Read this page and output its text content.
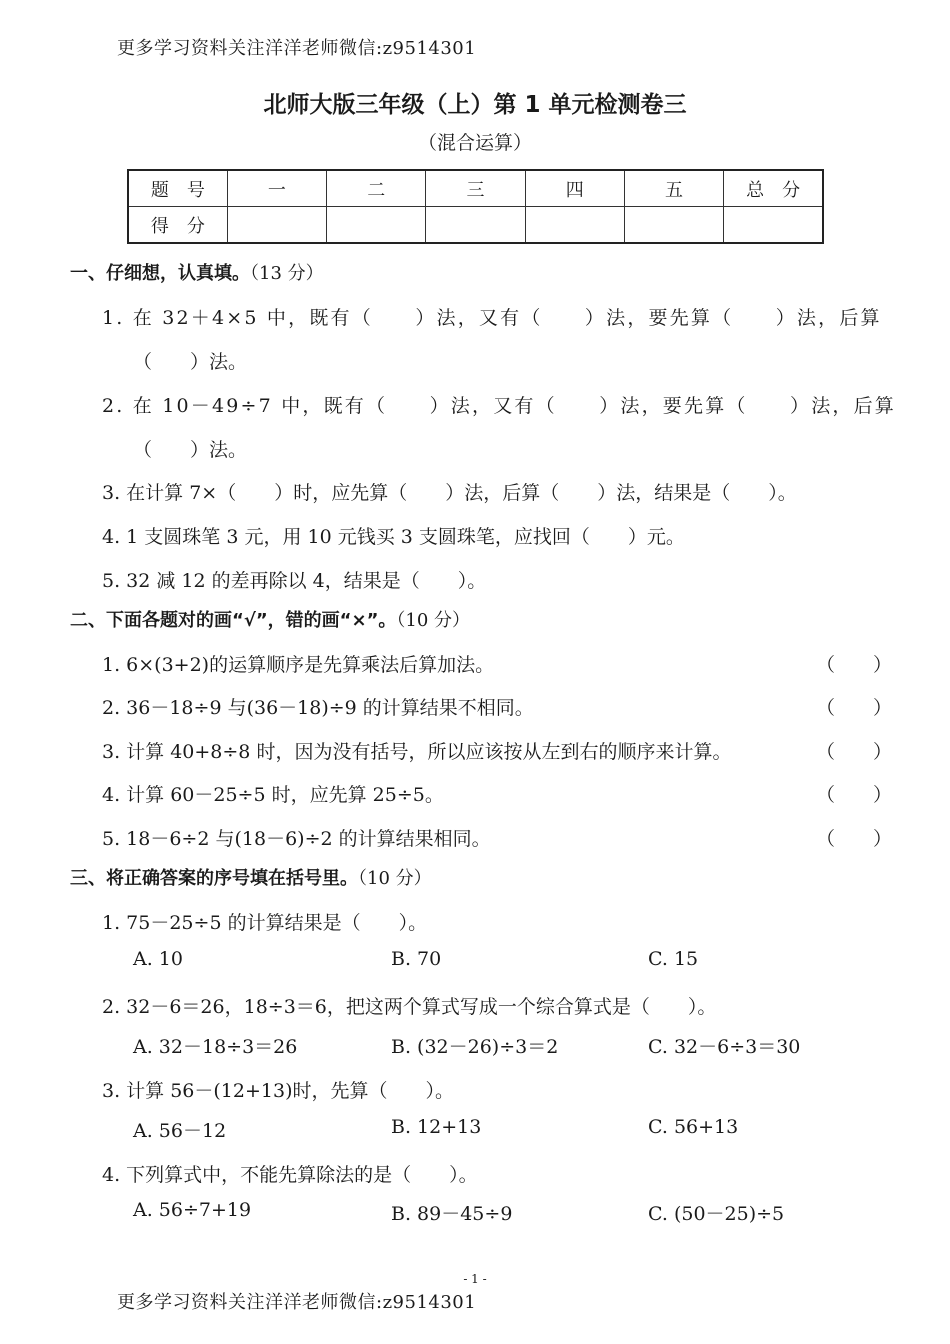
更多学习资料关注洋洋老师微信:z9514301
北师大版三年级（上）第 1 单元检测卷三
（混合运算）
题　号	一	二	三	四	五	总　分
得　分						
一、仔细想，认真填。（13 分）
1. 在 32＋4×5 中，既有（　　）法，又有（　　）法，要先算（　　）法，后算
（　　）法。
2. 在 10－49÷7 中，既有（　　）法，又有（　　）法，要先算（　　）法，后算
（　　）法。
3. 在计算 7×（　　）时，应先算（　　）法，后算（　　）法，结果是（　　）。
4. 1 支圆珠笔 3 元，用 10 元钱买 3 支圆珠笔，应找回（　　）元。
5. 32 减 12 的差再除以 4，结果是（　　）。
二、下面各题对的画“√”，错的画“×”。（10 分）
1. 6×(3+2)的运算顺序是先算乘法后算加法。	（　　）
2. 36－18÷9 与(36－18)÷9 的计算结果不相同。	（　　）
3. 计算 40+8÷8 时，因为没有括号，所以应该按从左到右的顺序来计算。	（　　）
4. 计算 60－25÷5 时，应先算 25÷5。	（　　）
5. 18－6÷2 与(18－6)÷2 的计算结果相同。	（　　）
三、将正确答案的序号填在括号里。（10 分）
1. 75－25÷5 的计算结果是（　　）。
A. 10	B. 70	C. 15
2. 32－6＝26，18÷3＝6，把这两个算式写成一个综合算式是（　　）。
A. 32－18÷3＝26	B. (32－26)÷3＝2	C. 32－6÷3＝30
3. 计算 56－(12+13)时，先算（　　）。
A. 56－12	B. 12+13	C. 56+13
4. 下列算式中，不能先算除法的是（　　）。
A. 56÷7+19	B. 89－45÷9	C. (50－25)÷5
- 1 -
更多学习资料关注洋洋老师微信:z9514301
